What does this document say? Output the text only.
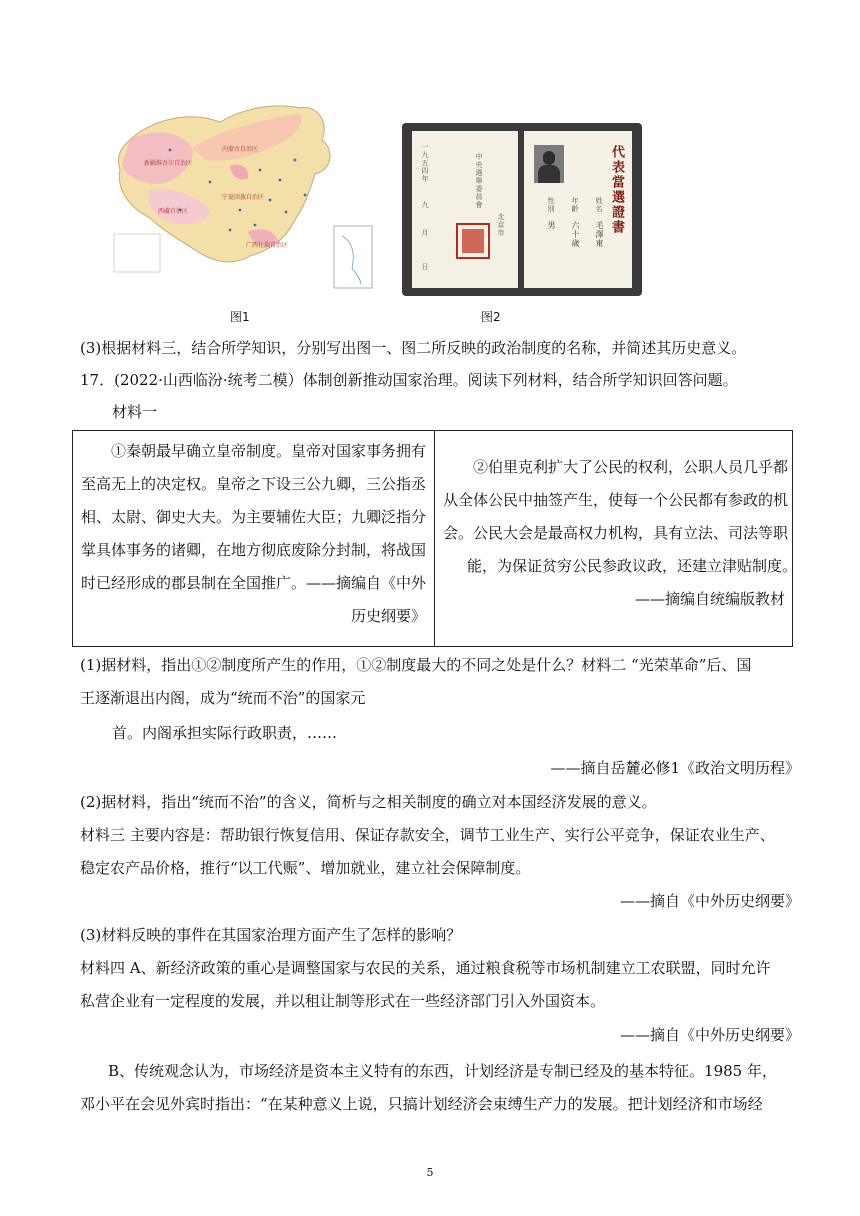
新疆维吾尔自治区
内蒙古自治区
宁夏回族自治区
西藏自治区
广西壮族自治区
一九五四年
九
月
日
中央選舉委員會
北京市	代表當選證書
姓名
毛澤東
年齡
六十歲
性別
男
图1	图2
(3)根据材料三，结合所学知识，分别写出图一、图二所反映的政治制度的名称，并简述其历史意义。
17．(2022·山西临汾·统考二模）体制创新推动国家治理。阅读下列材料，结合所学知识回答问题。
材料一

①秦朝最早确立皇帝制度。皇帝对国家事务拥有

至高无上的决定权。皇帝之下设三公九卿，三公指丞

相、太尉、御史大夫。为主要辅佐大臣；九卿泛指分

掌具体事务的诸卿，在地方彻底废除分封制，将战国

时已经形成的郡县制在全国推广。——摘编自《中外

历史纲要》

②伯里克利扩大了公民的权利，公职人员几乎都

从全体公民中抽签产生，使每一个公民都有参政的机

会。公民大会是最高权力机构，具有立法、司法等职

能，为保证贫穷公民参政议政，还建立津贴制度。

——摘编自统编版教材

(1)据材料，指出①②制度所产生的作用，①②制度最大的不同之处是什么？材料二 “光荣革命”后、国
王逐渐退出内阁，成为“统而不治”的国家元
首。内阁承担实际行政职责，……
——摘自岳麓必修1《政治文明历程》
(2)据材料，指出“统而不治”的含义，简析与之相关制度的确立对本国经济发展的意义。
材料三 主要内容是：帮助银行恢复信用、保证存款安全，调节工业生产、实行公平竞争，保证农业生产、
稳定农产品价格，推行“以工代赈”、增加就业，建立社会保障制度。
——摘自《中外历史纲要》
(3)材料反映的事件在其国家治理方面产生了怎样的影响？
材料四 A、新经济政策的重心是调整国家与农民的关系，通过粮食税等市场机制建立工农联盟，同时允许
私营企业有一定程度的发展，并以租让制等形式在一些经济部门引入外国资本。
——摘自《中外历史纲要》
B、传统观念认为，市场经济是资本主义特有的东西，计划经济是专制已经及的基本特征。1985 年，
邓小平在会见外宾时指出：“在某种意义上说，只搞计划经济会束缚生产力的发展。把计划经济和市场经
5
